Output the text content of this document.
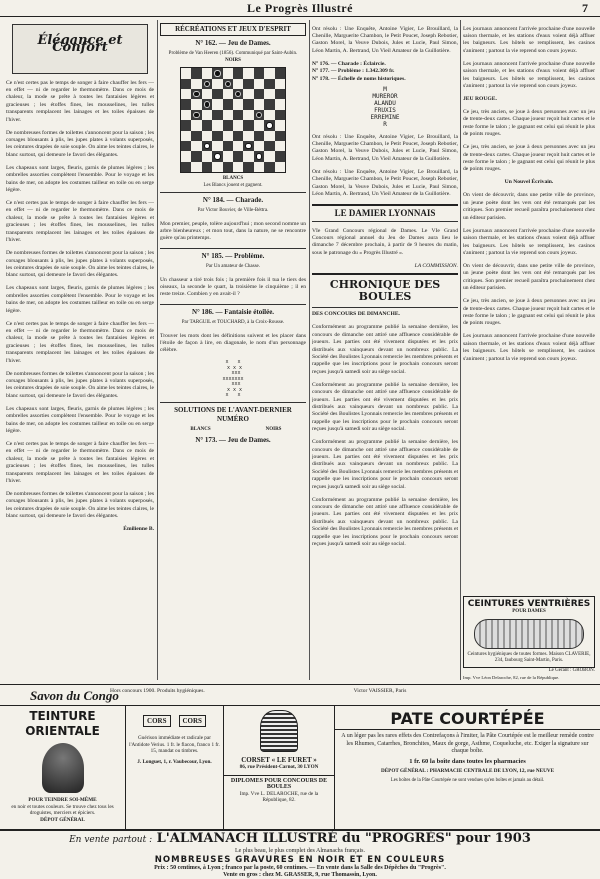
Le Progrès Illustré	7
Élégance et Confort

Ce n'est certes pas le temps de songer à faire chauffer les fers — en effet — ni de regarder le thermomètre. Dans ce mois de chaleur, la mode se prête à toutes les fantaisies légères et gracieuses ; les étoffes fines, les mousselines, les tulles transparents remplacent les lainages et les toiles épaisses de l'hiver.

De nombreuses formes de toilettes s'annoncent pour la saison ; les corsages blousants à plis, les jupes plates à volants superposés, les ceintures drapées de soie souple. On aime les teintes claires, le blanc surtout, qui demeure le favori des élégantes.

Les chapeaux sont larges, fleuris, garnis de plumes légères ; les ombrelles assorties complètent l'ensemble. Pour le voyage et les bains de mer, on adopte les costumes tailleur en toile ou en serge légère.

Ce n'est certes pas le temps de songer à faire chauffer les fers — en effet — ni de regarder le thermomètre. Dans ce mois de chaleur, la mode se prête à toutes les fantaisies légères et gracieuses ; les étoffes fines, les mousselines, les tulles transparents remplacent les lainages et les toiles épaisses de l'hiver.

De nombreuses formes de toilettes s'annoncent pour la saison ; les corsages blousants à plis, les jupes plates à volants superposés, les ceintures drapées de soie souple. On aime les teintes claires, le blanc surtout, qui demeure le favori des élégantes.

Les chapeaux sont larges, fleuris, garnis de plumes légères ; les ombrelles assorties complètent l'ensemble. Pour le voyage et les bains de mer, on adopte les costumes tailleur en toile ou en serge légère.

Ce n'est certes pas le temps de songer à faire chauffer les fers — en effet — ni de regarder le thermomètre. Dans ce mois de chaleur, la mode se prête à toutes les fantaisies légères et gracieuses ; les étoffes fines, les mousselines, les tulles transparents remplacent les lainages et les toiles épaisses de l'hiver.

De nombreuses formes de toilettes s'annoncent pour la saison ; les corsages blousants à plis, les jupes plates à volants superposés, les ceintures drapées de soie souple. On aime les teintes claires, le blanc surtout, qui demeure le favori des élégantes.

Les chapeaux sont larges, fleuris, garnis de plumes légères ; les ombrelles assorties complètent l'ensemble. Pour le voyage et les bains de mer, on adopte les costumes tailleur en toile ou en serge légère.

Ce n'est certes pas le temps de songer à faire chauffer les fers — en effet — ni de regarder le thermomètre. Dans ce mois de chaleur, la mode se prête à toutes les fantaisies légères et gracieuses ; les étoffes fines, les mousselines, les tulles transparents remplacent les lainages et les toiles épaisses de l'hiver.

De nombreuses formes de toilettes s'annoncent pour la saison ; les corsages blousants à plis, les jupes plates à volants superposés, les ceintures drapées de soie souple. On aime les teintes claires, le blanc surtout, qui demeure le favori des élégantes.

Émilienne B.
RÉCRÉATIONS ET JEUX D'ESPRIT
N° 162. — Jeu de Dames.
Problème de Van Heeren (1856). Communiqué par Saint-Aubin.
NOIRS
BLANCS
Les Blancs jouent et gagnent.
N° 184. — Charade.
Par Victor Bouvier, de Ville-Béttra.

Mon premier, peuple, tolère aujourd'hui ; mon second nomme un arbre bienheureux ; et mon tout, dans la nature, ne se rencontre guère qu'au printemps.

N° 185. — Problème.
Par Un amateur de Chasse.

Un chasseur a tiré trois fois ; la première fois il tua le tiers des oiseaux, la seconde le quart, la troisième le cinquième ; il en reste treize. Combien y en avait-il ?

N° 186. — Fantaisie étoilée.
Par TARGUIL et TOUCHARD, à la Croix-Rousse.

Trouver les mots dont les définitions suivent et les placer dans l'étoile de façon à lire, en diagonale, le nom d'un personnage célèbre.

x   x
x x x
xxx
xxxxxxx
xxx
x x x
x   x
SOLUTIONS DE L'AVANT-DERNIER NUMÉRO
BLANCS	NOIRS
N° 173. — Jeu de Dames.

Ont résolu : Une Enquête, Antoine Vigier, Le Brouillard, la Chenille, Marguerite Chambon, le Petit Poucet, Joseph Rebotier, Gaston Morel, la Veuve Dubois, Jules et Lucie, Paul Simon, Léon Martin, A. Bertrand, Un Vieil Amateur de la Guillotière.

N° 176. — Charade : Éclaircie.
N° 177. — Problème : 1.342.309 fr.
N° 178. — Échelle de noms historiques.
M
MUREROR
ALANDU
FRUXIS
ERREMINE
R

Ont résolu : Une Enquête, Antoine Vigier, Le Brouillard, la Chenille, Marguerite Chambon, le Petit Poucet, Joseph Rebotier, Gaston Morel, la Veuve Dubois, Jules et Lucie, Paul Simon, Léon Martin, A. Bertrand, Un Vieil Amateur de la Guillotière.

Ont résolu : Une Enquête, Antoine Vigier, Le Brouillard, la Chenille, Marguerite Chambon, le Petit Poucet, Joseph Rebotier, Gaston Morel, la Veuve Dubois, Jules et Lucie, Paul Simon, Léon Martin, A. Bertrand, Un Vieil Amateur de la Guillotière.

LE DAMIER LYONNAIS

VIe Grand Concours régional de Dames. Le VIe Grand Concours régional annuel du Jeu de Dames aura lieu le dimanche 7 décembre prochain, à partir de 9 heures du matin, sous le patronage du « Progrès Illustré ».

LA COMMISSION.
CHRONIQUE DES BOULES
DES CONCOURS DE DIMANCHE.

Conformément au programme publié la semaine dernière, les concours de dimanche ont attiré une affluence considérable de joueurs. Les parties ont été vivement disputées et les prix distribués aux vainqueurs devant un nombreux public. La Société des Boulistes Lyonnais remercie les membres présents et rappelle que les inscriptions pour le prochain concours seront reçues jusqu'à samedi soir au siège social.

Conformément au programme publié la semaine dernière, les concours de dimanche ont attiré une affluence considérable de joueurs. Les parties ont été vivement disputées et les prix distribués aux vainqueurs devant un nombreux public. La Société des Boulistes Lyonnais remercie les membres présents et rappelle que les inscriptions pour le prochain concours seront reçues jusqu'à samedi soir au siège social.

Conformément au programme publié la semaine dernière, les concours de dimanche ont attiré une affluence considérable de joueurs. Les parties ont été vivement disputées et les prix distribués aux vainqueurs devant un nombreux public. La Société des Boulistes Lyonnais remercie les membres présents et rappelle que les inscriptions pour le prochain concours seront reçues jusqu'à samedi soir au siège social.

Conformément au programme publié la semaine dernière, les concours de dimanche ont attiré une affluence considérable de joueurs. Les parties ont été vivement disputées et les prix distribués aux vainqueurs devant un nombreux public. La Société des Boulistes Lyonnais remercie les membres présents et rappelle que les inscriptions pour le prochain concours seront reçues jusqu'à samedi soir au siège social.

Les journaux annoncent l'arrivée prochaine d'une nouvelle saison thermale, et les stations d'eaux voient déjà affluer les baigneurs. Les hôtels se remplissent, les casinos s'animent ; partout la vie reprend son cours joyeux.

Les journaux annoncent l'arrivée prochaine d'une nouvelle saison thermale, et les stations d'eaux voient déjà affluer les baigneurs. Les hôtels se remplissent, les casinos s'animent ; partout la vie reprend son cours joyeux.

JEU ROUGE.

Ce jeu, très ancien, se joue à deux personnes avec un jeu de trente-deux cartes. Chaque joueur reçoit huit cartes et le reste forme le talon ; le gagnant est celui qui réunit le plus de points rouges.

Ce jeu, très ancien, se joue à deux personnes avec un jeu de trente-deux cartes. Chaque joueur reçoit huit cartes et le reste forme le talon ; le gagnant est celui qui réunit le plus de points rouges.

Un Nouvel Écrivain.

On vient de découvrir, dans une petite ville de province, un jeune poète dont les vers ont été remarqués par les critiques. Son premier recueil paraîtra prochainement chez un éditeur parisien.

Les journaux annoncent l'arrivée prochaine d'une nouvelle saison thermale, et les stations d'eaux voient déjà affluer les baigneurs. Les hôtels se remplissent, les casinos s'animent ; partout la vie reprend son cours joyeux.

On vient de découvrir, dans une petite ville de province, un jeune poète dont les vers ont été remarqués par les critiques. Son premier recueil paraîtra prochainement chez un éditeur parisien.

Ce jeu, très ancien, se joue à deux personnes avec un jeu de trente-deux cartes. Chaque joueur reçoit huit cartes et le reste forme le talon ; le gagnant est celui qui réunit le plus de points rouges.

Les journaux annoncent l'arrivée prochaine d'une nouvelle saison thermale, et les stations d'eaux voient déjà affluer les baigneurs. Les hôtels se remplissent, les casinos s'animent ; partout la vie reprend son cours joyeux.

CEINTURES VENTRIÈRES
POUR DAMES
Ceintures hygiéniques de toutes formes. Maison CLAVERIE, 234, faubourg Saint-Martin, Paris.
Le Gérant : GROBON.
Imp. Vve Léon Delaroche, 82, rue de la République.
Savon du Congo
Hors concours 1900. Produits hygiéniques.	Victor VAISSIER, Paris
TEINTURE ORIENTALE
POUR TEINDRE SOI-MÊME
en noir et toutes couleurs. Se trouve chez tous les droguistes, merciers et épiciers.
DÉPOT GÉNÉRAL
CORS CORS
Guérison immédiate et radicale par l'Antidote Verius. 1 fr. le flacon, franco 1 fr. 15, mandat ou timbres.
J. Longuet, 1, r. Vaubecour, Lyon.	CORSET « LE FURET »
86, rue Président-Carnot, 30 LYON
DIPLOMES POUR CONCOURS DE BOULES
Imp. Vve L. DELAROCHE, rue de la République, 82.
PATE COURTÉPÉE
A un léger pas les rares effets des Contrefaçons à l'imiter, la Pâte Courtépée est le meilleur remède contre les Rhumes, Catarrhes, Bronchites, Maux de gorge, Asthme, Coqueluche, etc. Exiger la signature sur chaque boîte.
1 fr. 60 la boîte dans toutes les pharmacies
DÉPOT GÉNÉRAL : PHARMACIE CENTRALE DE LYON, 12, rue NEUVE
Les boîtes de la Pâte Courtépée ne sont vendues qu'en boîtes et jamais au détail.
En vente partout : L'ALMANACH ILLUSTRÉ du "PROGRÈS" pour 1903
Le plus beau, le plus complet des Almanachs français.
NOMBREUSES GRAVURES EN NOIR ET EN COULEURS
Prix : 50 centimes, à Lyon ; franco par la poste, 60 centimes. — En vente dans la Salle des Dépêches du "Progrès".
Vente en gros : chez M. GRASSER, 9, rue Thomassin, Lyon.
